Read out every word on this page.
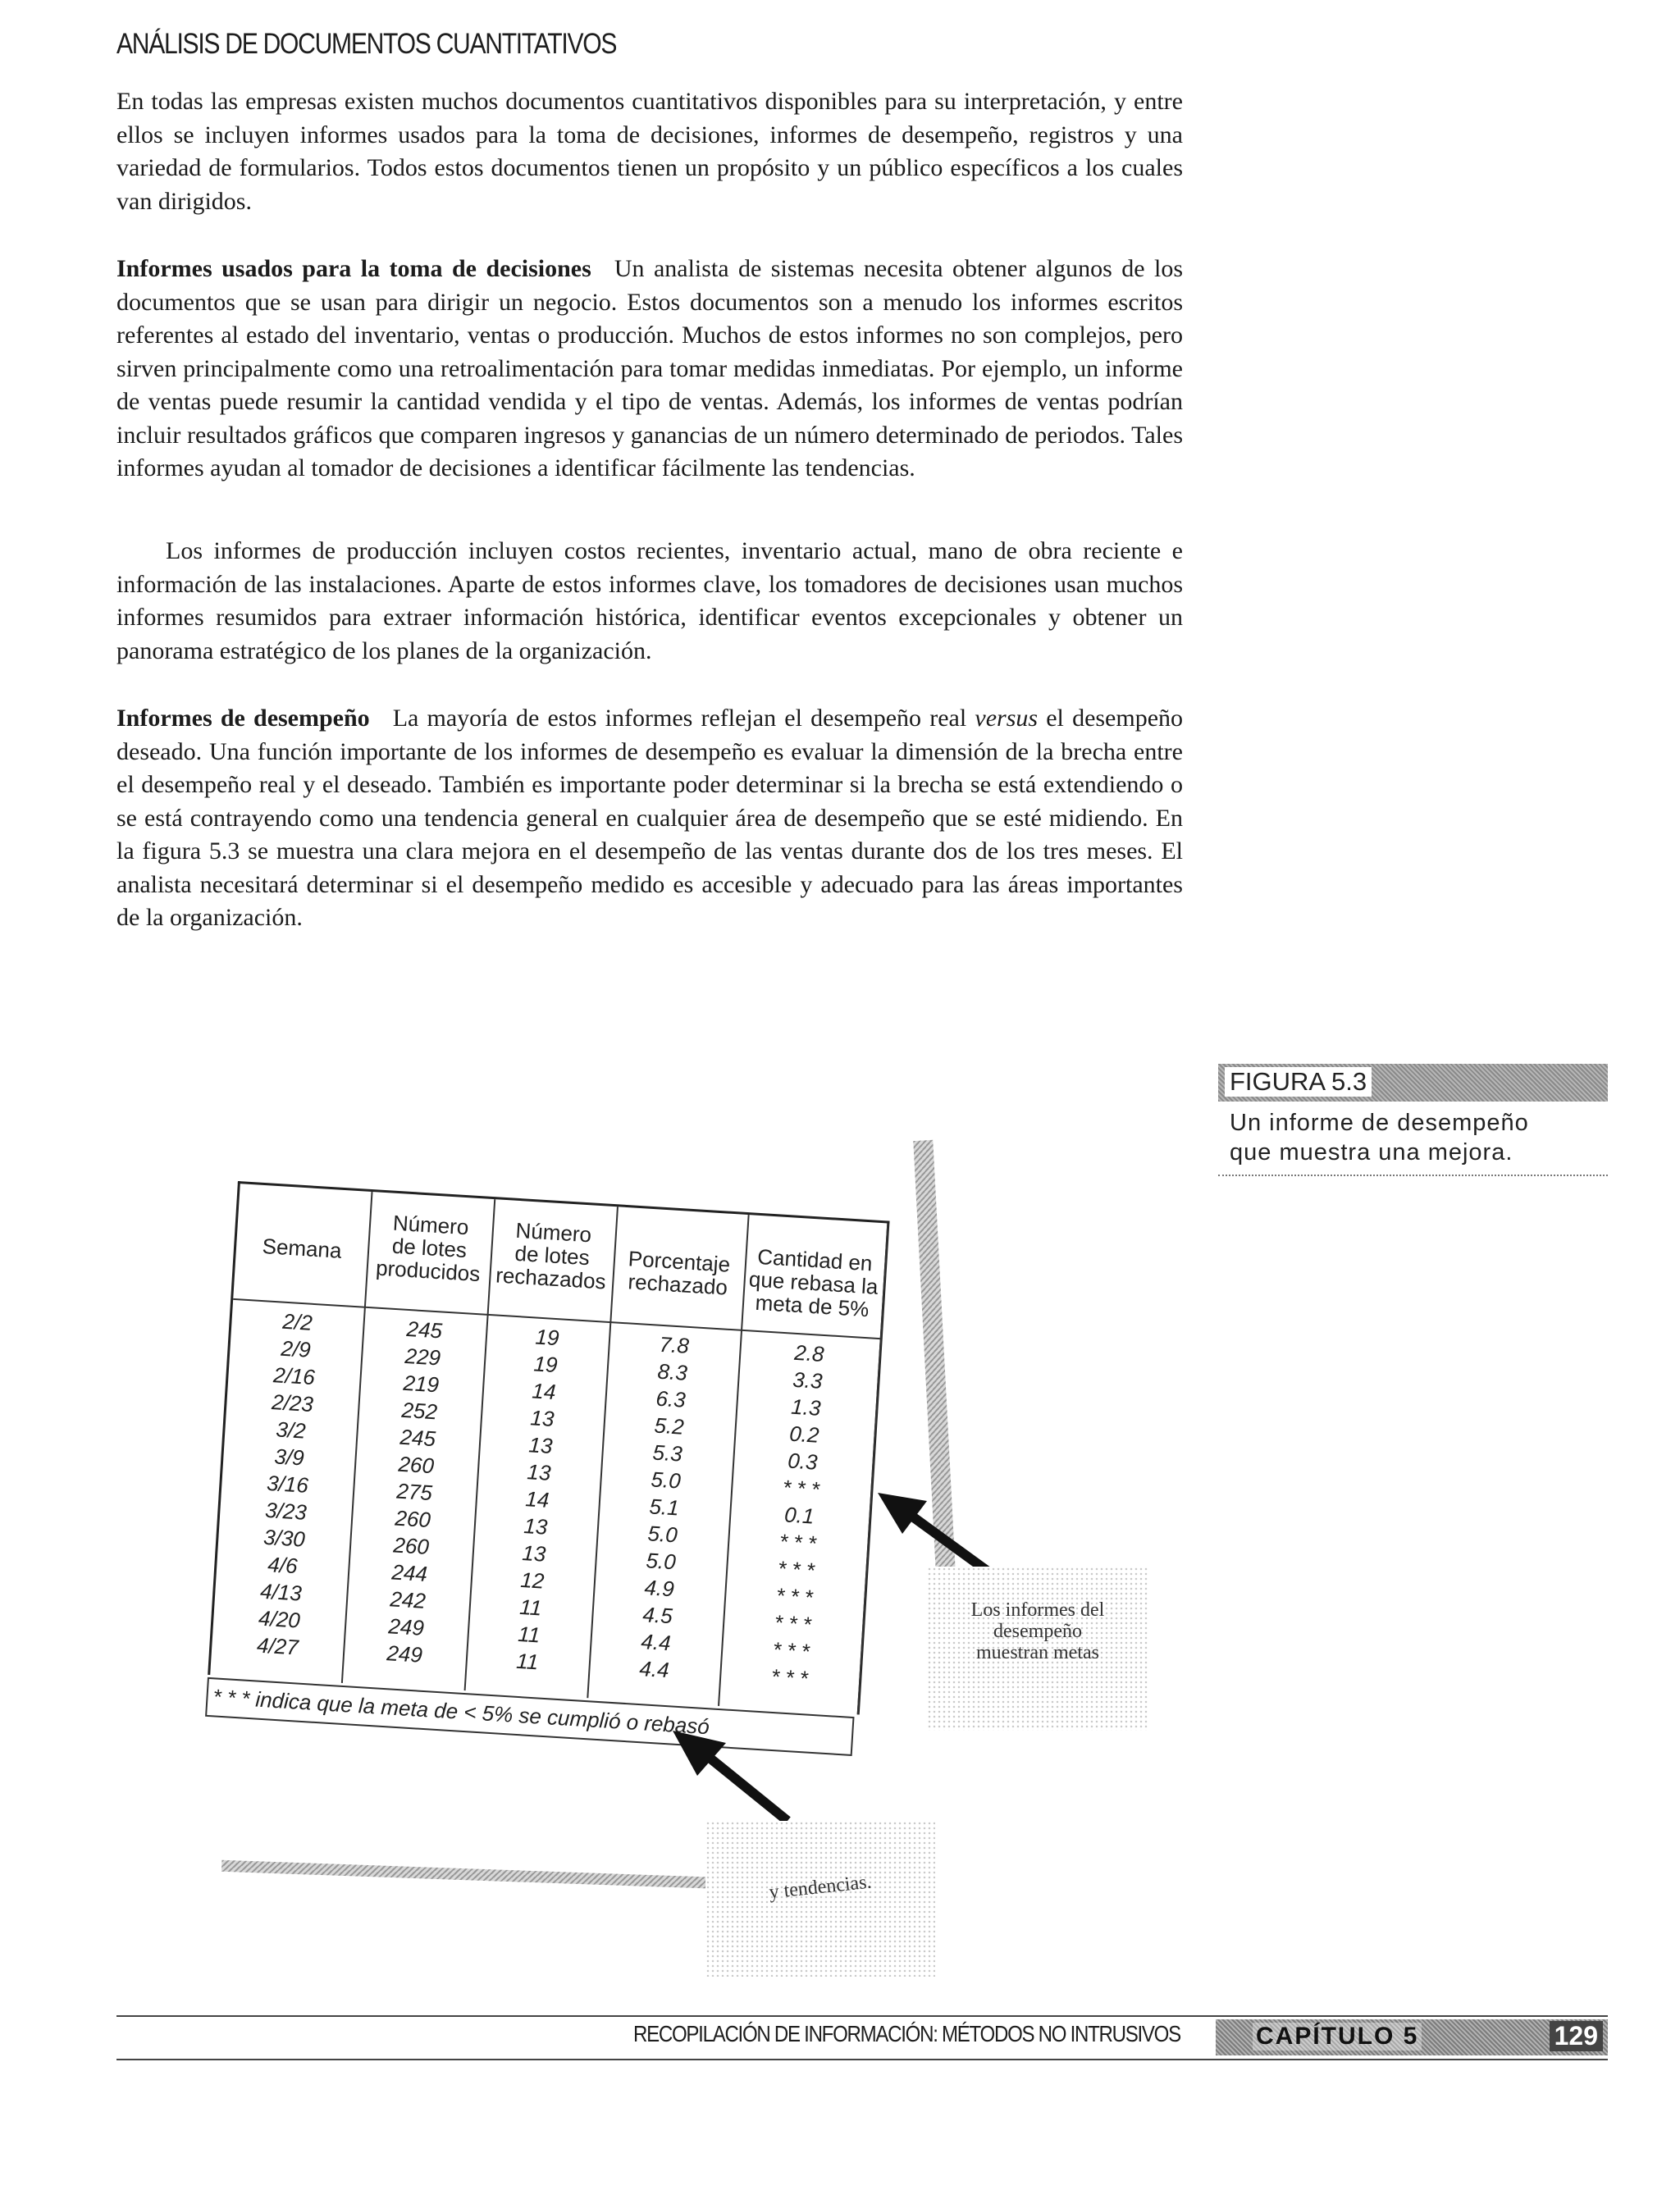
ANÁLISIS DE DOCUMENTOS CUANTITATIVOS

En todas las empresas existen muchos documentos cuantitativos disponibles para su interpretación, y entre ellos se incluyen informes usados para la toma de decisiones, informes de desempeño, registros y una variedad de formularios. Todos estos documentos tienen un propósito y un público específicos a los cuales van dirigidos.

Informes usados para la toma de decisiones Un analista de sistemas necesita obtener algunos de los documentos que se usan para dirigir un negocio. Estos documentos son a menudo los informes escritos referentes al estado del inventario, ventas o producción. Muchos de estos informes no son complejos, pero sirven principalmente como una retroalimentación para tomar medidas inmediatas. Por ejemplo, un informe de ventas puede resumir la cantidad vendida y el tipo de ventas. Además, los informes de ventas podrían incluir resultados gráficos que comparen ingresos y ganancias de un número determinado de periodos. Tales informes ayudan al tomador de decisiones a identificar fácilmente las tendencias.

Los informes de producción incluyen costos recientes, inventario actual, mano de obra reciente e información de las instalaciones. Aparte de estos informes clave, los tomadores de decisiones usan muchos informes resumidos para extraer información histórica, identificar eventos excepcionales y obtener un panorama estratégico de los planes de la organización.

Informes de desempeño La mayoría de estos informes reflejan el desempeño real versus el desempeño deseado. Una función importante de los informes de desempeño es evaluar la dimensión de la brecha entre el desempeño real y el deseado. También es importante poder determinar si la brecha se está extendiendo o se está contrayendo como una tendencia general en cualquier área de desempeño que se esté midiendo. En la figura 5.3 se muestra una clara mejora en el desempeño de las ventas durante dos de los tres meses. El analista necesitará determinar si el desempeño medido es accesible y adecuado para las áreas importantes de la organización.

FIGURA 5.3
Un informe de desempeño
que muestra una mejora.
Semana
2/2
2/9
2/16
2/23
3/2
3/9
3/16
3/23
3/30
4/6
4/13
4/20
4/27
Número
de lotes
producidos
245
229
219
252
245
260
275
260
260
244
242
249
249
Número
de lotes
rechazados
19
19
14
13
13
13
14
13
13
12
11
11
11
Porcentaje
rechazado
7.8
8.3
6.3
5.2
5.3
5.0
5.1
5.0
5.0
4.9
4.5
4.4
4.4
Cantidad en
que rebasa la
meta de 5%
2.8
3.3
1.3
0.2
0.3
* * *
0.1
* * *
* * *
* * *
* * *
* * *
* * *
* * * indica que la meta de < 5% se cumplió o rebasó
Los informes del
desempeño
muestran metas
y tendencias.
RECOPILACIÓN DE INFORMACIÓN: MÉTODOS NO INTRUSIVOS	CAPÍTULO 5	129
